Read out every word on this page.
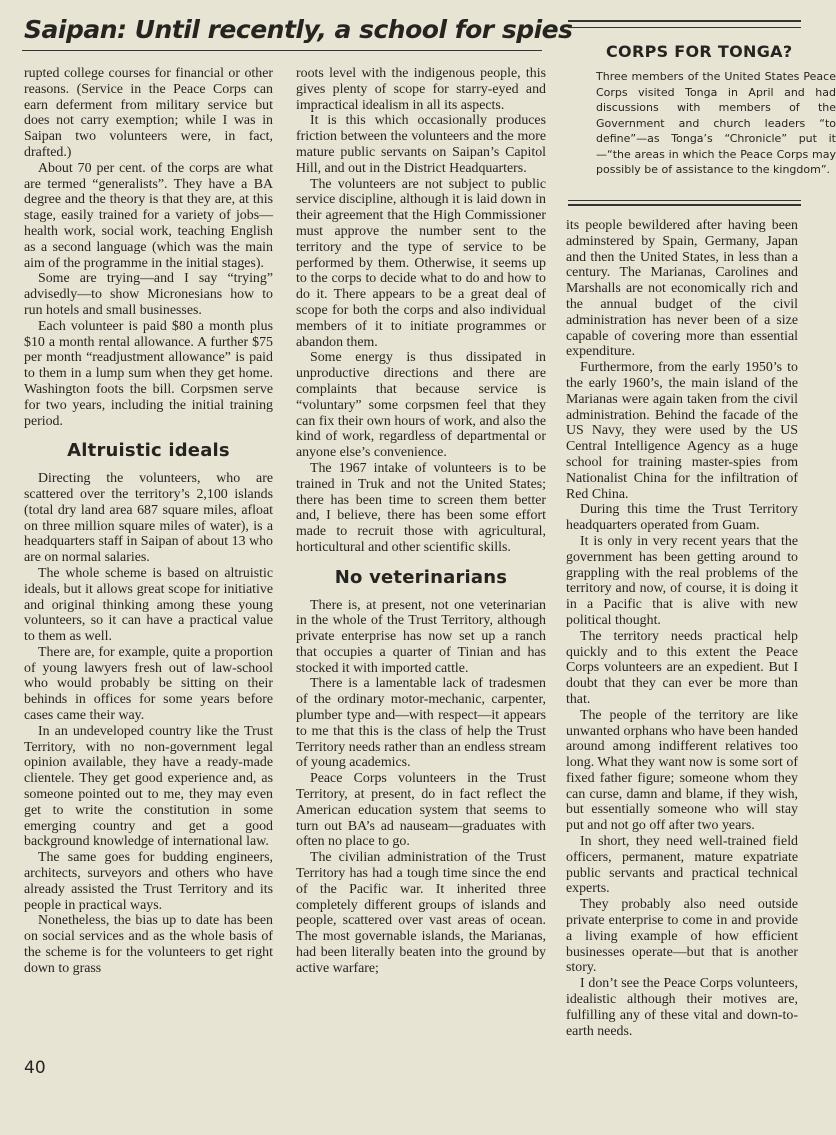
Saipan: Until recently, a school for spies

rupted college courses for financial or other reasons. (Service in the Peace Corps can earn deferment from military service but does not carry exemption; while I was in Saipan two volunteers were, in fact, drafted.)

About 70 per cent. of the corps are what are termed “generalists”. They have a BA degree and the theory is that they are, at this stage, easily trained for a variety of jobs—health work, social work, teaching English as a second language (which was the main aim of the programme in the initial stages).

Some are trying—and I say “trying” advisedly—to show Micronesians how to run hotels and small businesses.

Each volunteer is paid $80 a month plus $10 a month rental allowance. A further $75 per month “readjustment allowance” is paid to them in a lump sum when they get home. Washington foots the bill. Corpsmen serve for two years, including the initial training period.

Altruistic ideals

Directing the volunteers, who are scattered over the territory’s 2,100 islands (total dry land area 687 square miles, afloat on three million square miles of water), is a headquarters staff in Saipan of about 13 who are on normal salaries.

The whole scheme is based on altruistic ideals, but it allows great scope for initiative and original thinking among these young volunteers, so it can have a practical value to them as well.

There are, for example, quite a proportion of young lawyers fresh out of law-school who would probably be sitting on their behinds in offices for some years before cases came their way.

In an undeveloped country like the Trust Territory, with no non-government legal opinion available, they have a ready-made clientele. They get good experience and, as someone pointed out to me, they may even get to write the constitution in some emerging country and get a good background knowledge of international law.

The same goes for budding engineers, architects, surveyors and others who have already assisted the Trust Territory and its people in practical ways.

Nonetheless, the bias up to date has been on social services and as the whole basis of the scheme is for the volunteers to get right down to grass

roots level with the indigenous people, this gives plenty of scope for starry-eyed and impractical idealism in all its aspects.

It is this which occasionally produces friction between the volunteers and the more mature public servants on Saipan’s Capitol Hill, and out in the District Headquarters.

The volunteers are not subject to public service discipline, although it is laid down in their agreement that the High Commissioner must approve the number sent to the territory and the type of service to be performed by them. Otherwise, it seems up to the corps to decide what to do and how to do it. There appears to be a great deal of scope for both the corps and also individual members of it to initiate programmes or abandon them.

Some energy is thus dissipated in unproductive directions and there are complaints that because service is “voluntary” some corpsmen feel that they can fix their own hours of work, and also the kind of work, regardless of departmental or anyone else’s convenience.

The 1967 intake of volunteers is to be trained in Truk and not the United States; there has been time to screen them better and, I believe, there has been some effort made to recruit those with agricultural, horticultural and other scientific skills.

No veterinarians

There is, at present, not one veterinarian in the whole of the Trust Territory, although private enterprise has now set up a ranch that occupies a quarter of Tinian and has stocked it with imported cattle.

There is a lamentable lack of tradesmen of the ordinary motor-mechanic, carpenter, plumber type and—with respect—it appears to me that this is the class of help the Trust Territory needs rather than an endless stream of young academics.

Peace Corps volunteers in the Trust Territory, at present, do in fact reflect the American education system that seems to turn out BA’s ad nauseam—graduates with often no place to go.

The civilian administration of the Trust Territory has had a tough time since the end of the Pacific war. It inherited three completely different groups of islands and people, scattered over vast areas of ocean. The most governable islands, the Marianas, had been literally beaten into the ground by active warfare;

CORPS FOR TONGA?

Three members of the United States Peace Corps visited Tonga in April and had discussions with members of the Government and church leaders “to define”—as Tonga’s “Chronicle” put it—“the areas in which the Peace Corps may possibly be of assistance to the kingdom”.

its people bewildered after having been adminstered by Spain, Germany, Japan and then the United States, in less than a century. The Marianas, Carolines and Marshalls are not economically rich and the annual budget of the civil administration has never been of a size capable of covering more than essential expenditure.

Furthermore, from the early 1950’s to the early 1960’s, the main island of the Marianas were again taken from the civil administration. Behind the facade of the US Navy, they were used by the US Central Intelligence Agency as a huge school for training master-spies from Nationalist China for the infiltration of Red China.

During this time the Trust Territory headquarters operated from Guam.

It is only in very recent years that the government has been getting around to grappling with the real problems of the territory and now, of course, it is doing it in a Pacific that is alive with new political thought.

The territory needs practical help quickly and to this extent the Peace Corps volunteers are an expedient. But I doubt that they can ever be more than that.

The people of the territory are like unwanted orphans who have been handed around among indifferent relatives too long. What they want now is some sort of fixed father figure; someone whom they can curse, damn and blame, if they wish, but essentially someone who will stay put and not go off after two years.

In short, they need well-trained field officers, permanent, mature expatriate public servants and practical technical experts.

They probably also need outside private enterprise to come in and provide a living example of how efficient businesses operate—but that is another story.

I don’t see the Peace Corps volunteers, idealistic although their motives are, fulfilling any of these vital and down-to-earth needs.

40
